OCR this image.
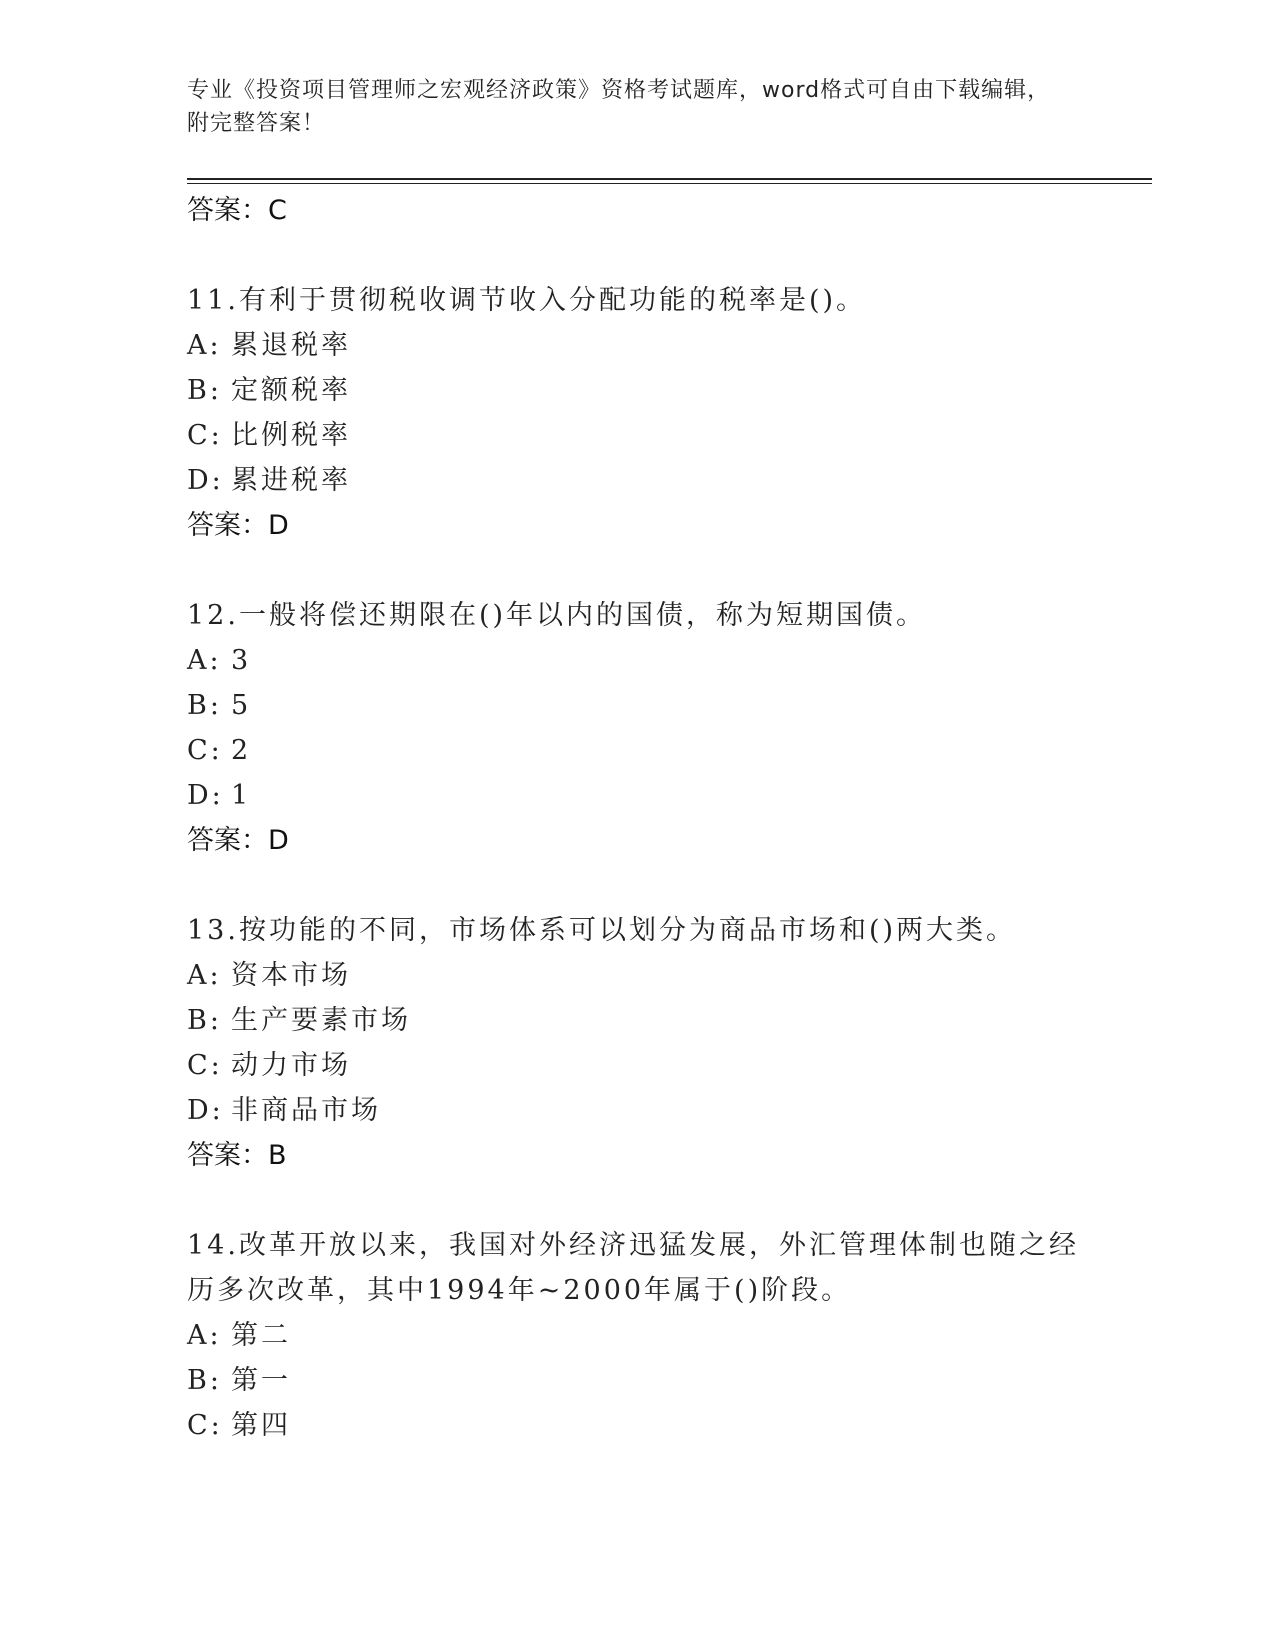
专业《投资项目管理师之宏观经济政策》资格考试题库，word格式可自由下载编辑，附完整答案！
答案：C
11.有利于贯彻税收调节收入分配功能的税率是()。
A: 累退税率
B: 定额税率
C: 比例税率
D: 累进税率
答案：D
12.一般将偿还期限在()年以内的国债，称为短期国债。
A: 3
B: 5
C: 2
D: 1
答案：D
13.按功能的不同，市场体系可以划分为商品市场和()两大类。
A: 资本市场
B: 生产要素市场
C: 动力市场
D: 非商品市场
答案：B
14.改革开放以来，我国对外经济迅猛发展，外汇管理体制也随之经历多次改革，其中1994年~2000年属于()阶段。
A: 第二
B: 第一
C: 第四
